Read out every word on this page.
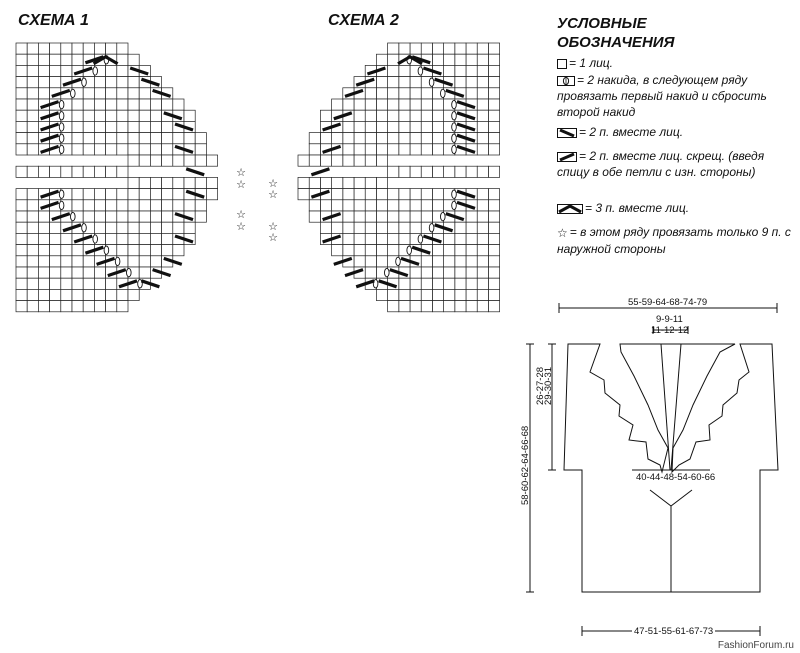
СХЕМА 1	СХЕМА 2
☆
☆
☆
☆
☆
☆
☆
☆
УСЛОВНЫЕ
ОБОЗНАЧЕНИЯ
= 1 лиц.
= 2 накида, в следующем ряду провязать первый накид и сбросить второй накид
= 2 п. вместе лиц.
= 2 п. вместе лиц. скрещ. (введя спицу в обе петли с изн. стороны)
= 3 п. вместе лиц.
☆ = в этом ряду провязать только 9 п. с наружной стороны
55-59-64-68-74-79
9-9-11
11-12-12
26-27-28
29-30-31
58-60-62-64-66-68	40-44-48-54-60-66
47-51-55-61-67-73
FashionForum.ru
